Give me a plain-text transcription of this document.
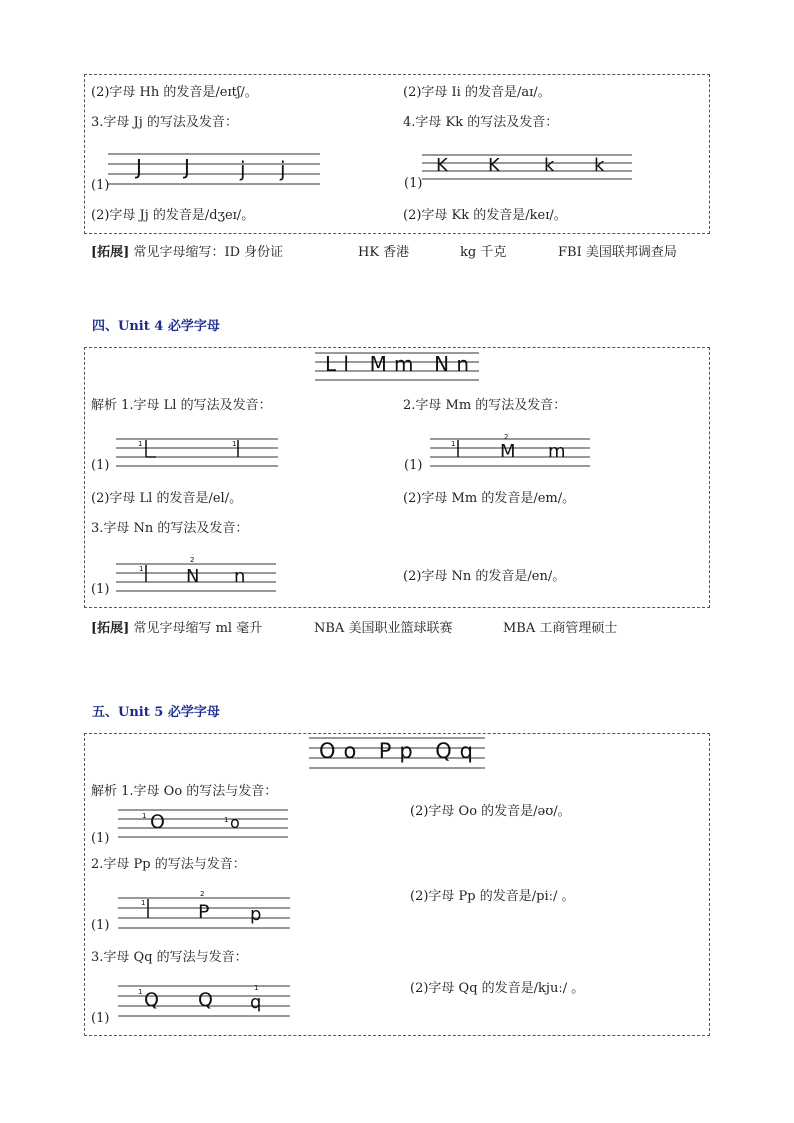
(2)字母 Hh 的发音是/eɪtʃ/。	(2)字母 Ii 的发音是/aɪ/。
3.字母 Jj 的写法及发音：	4.字母 Kk 的写法及发音：
(1)
J J	j j
(1)
K K k k
(2)字母 Jj 的发音是/dʒeɪ/。	(2)字母 Kk 的发音是/keɪ/。
[拓展] 常见字母缩写：ID 身份证	HK 香港	kg 千克	FBI 美国联邦调查局
四、Unit 4 必学字母
Ll Mm Nn
解析 1.字母 Ll 的写法及发音：	2.字母 Mm 的写法及发音：
(1)
1	1
(1)
M m
1
2
(2)字母 Ll 的发音是/el/。	(2)字母 Mm 的发音是/em/。
3.字母 Nn 的写法及发音：
(1)
N n
1
2
(2)字母 Nn 的发音是/en/。
[拓展] 常见字母缩写 ml 毫升	NBA 美国职业篮球联赛	MBA 工商管理硕士
五、Unit 5 必学字母
Oo Pp Qq
解析 1.字母 Oo 的写法与发音：
(1)
O	o
1	1
(2)字母 Oo 的发音是/əʊ/。
2.字母 Pp 的写法与发音：
(1)
P p
1
2	(2)字母 Pp 的发音是/piː/ 。
3.字母 Qq 的写法与发音：
(1)
Q Q q
1	1	(2)字母 Qq 的发音是/kjuː/ 。
